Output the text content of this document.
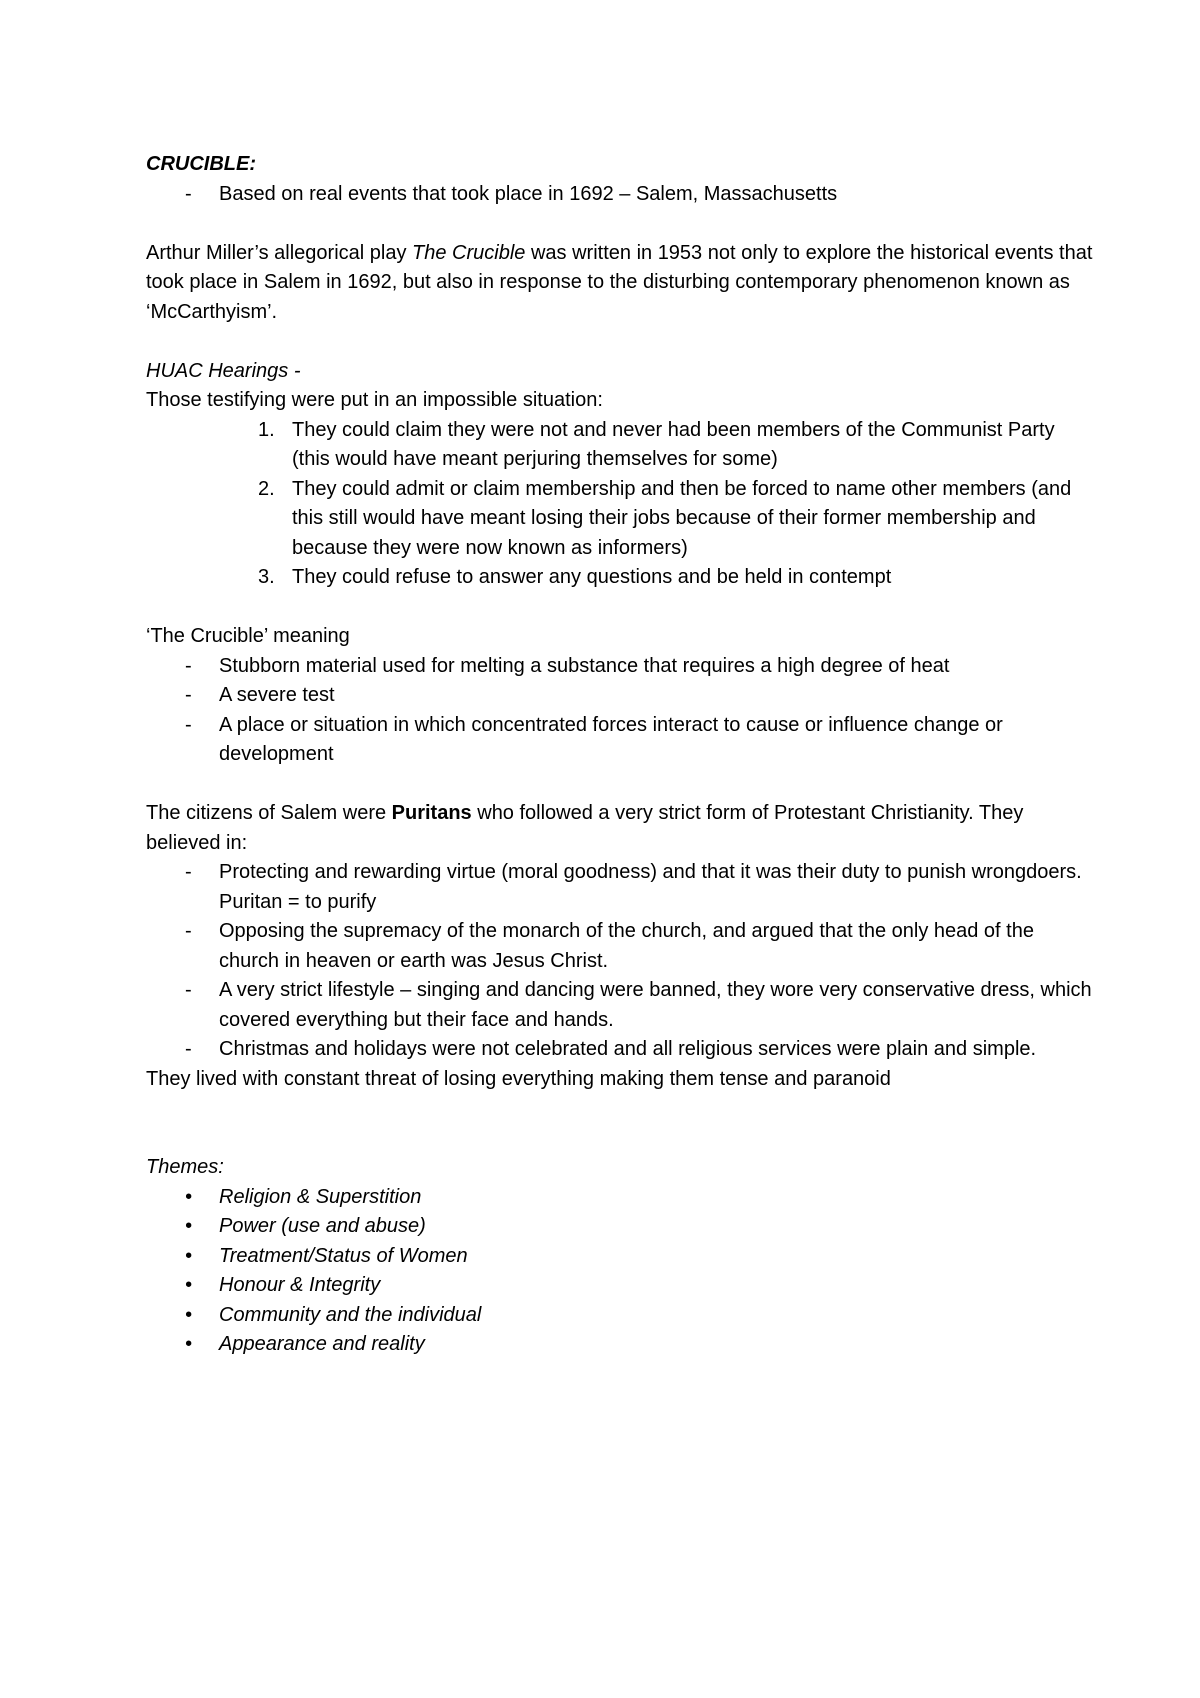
CRUCIBLE:

- Based on real events that took place in 1692 – Salem, Massachusetts

Arthur Miller’s allegorical play The Crucible was written in 1953 not only to explore the historical events that took place in Salem in 1692, but also in response to the disturbing contemporary phenomenon known as ‘McCarthyism’.

HUAC Hearings -

Those testifying were put in an impossible situation:

1. They could claim they were not and never had been members of the Communist Party (this would have meant perjuring themselves for some)
2. They could admit or claim membership and then be forced to name other members (and this still would have meant losing their jobs because of their former membership and because they were now known as informers)
3. They could refuse to answer any questions and be held in contempt

‘The Crucible’ meaning

- Stubborn material used for melting a substance that requires a high degree of heat
- A severe test
- A place or situation in which concentrated forces interact to cause or influence change or development

The citizens of Salem were Puritans who followed a very strict form of Protestant Christianity. They believed in:

- Protecting and rewarding virtue (moral goodness) and that it was their duty to punish wrongdoers. Puritan = to purify
- Opposing the supremacy of the monarch of the church, and argued that the only head of the church in heaven or earth was Jesus Christ.
- A very strict lifestyle – singing and dancing were banned, they wore very conservative dress, which covered everything but their face and hands.
- Christmas and holidays were not celebrated and all religious services were plain and simple.

They lived with constant threat of losing everything making them tense and paranoid

Themes:

• Religion & Superstition
• Power (use and abuse)
• Treatment/Status of Women
• Honour & Integrity
• Community and the individual
• Appearance and reality
